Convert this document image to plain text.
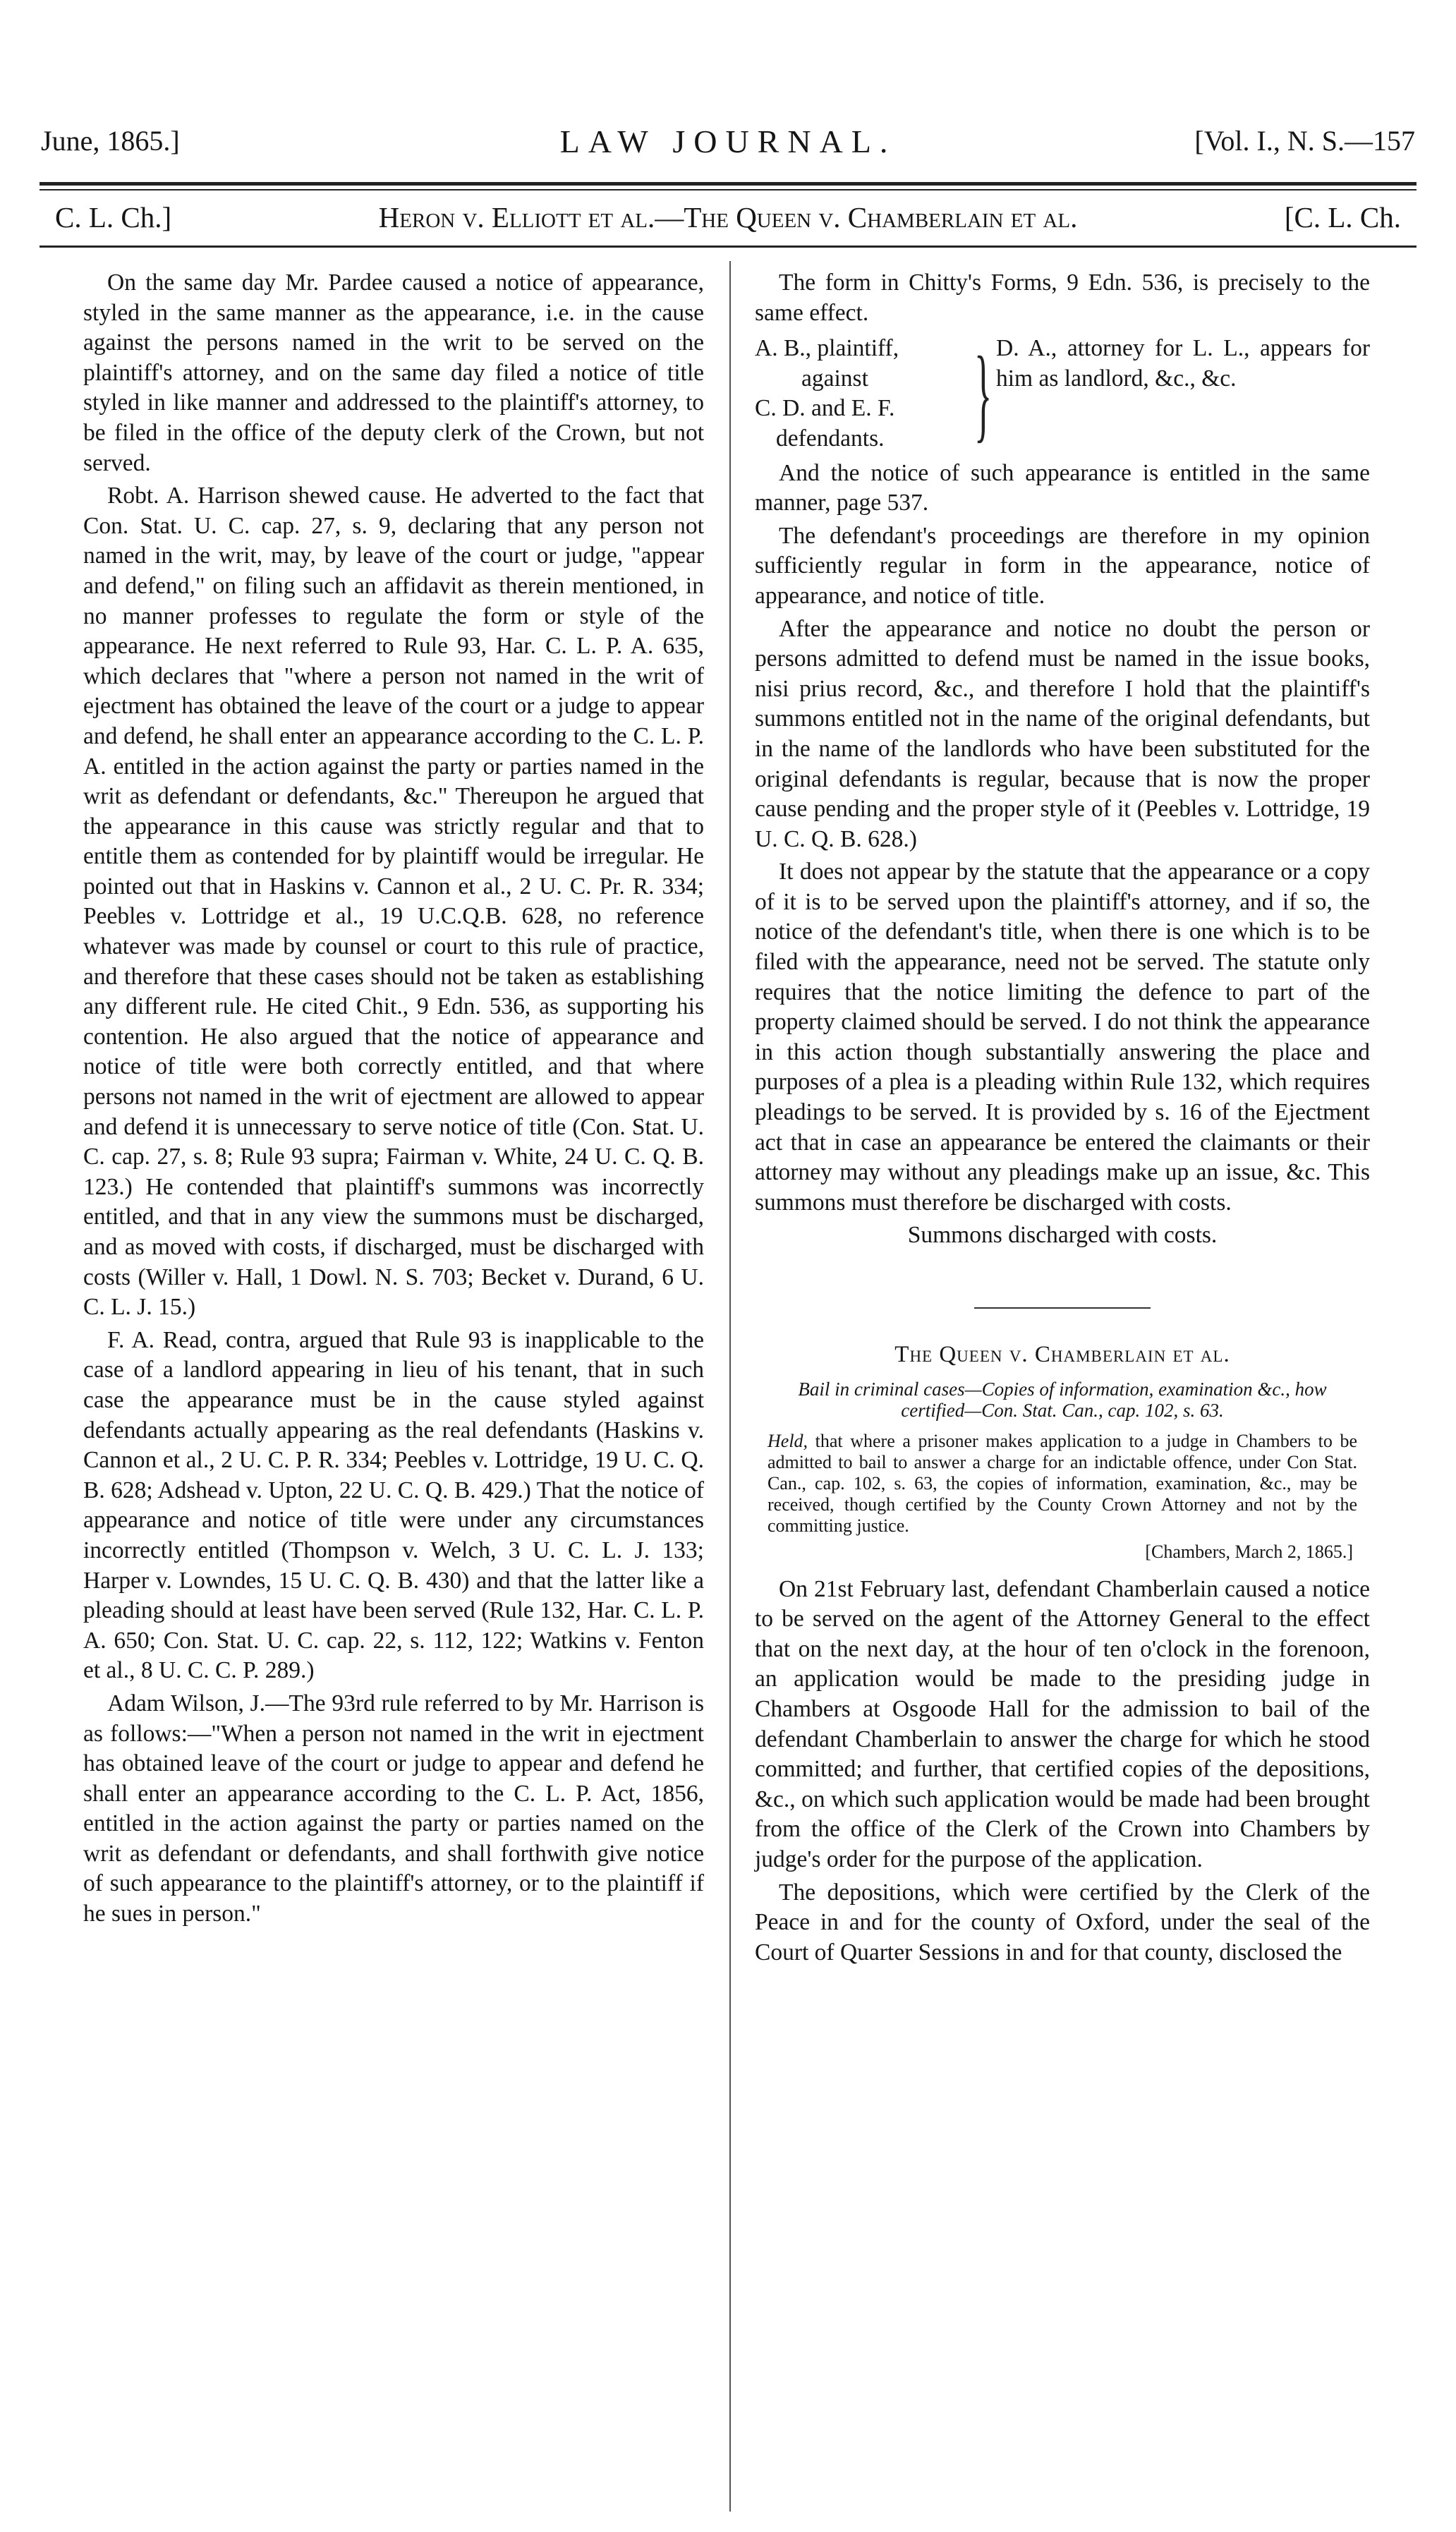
June, 1865.]	LAW JOURNAL.	[Vol. I., N. S.—157
C. L. Ch.]	Heron v. Elliott et al.—The Queen v. Chamberlain et al.	[C. L. Ch.

On the same day Mr. Pardee caused a notice of appearance, styled in the same manner as the appearance, i.e. in the cause against the persons named in the writ to be served on the plaintiff's attorney, and on the same day filed a notice of title styled in like manner and addressed to the plaintiff's attorney, to be filed in the office of the deputy clerk of the Crown, but not served.

Robt. A. Harrison shewed cause. He adverted to the fact that Con. Stat. U. C. cap. 27, s. 9, declaring that any person not named in the writ, may, by leave of the court or judge, "appear and defend," on filing such an affidavit as therein mentioned, in no manner professes to regulate the form or style of the appearance. He next referred to Rule 93, Har. C. L. P. A. 635, which declares that "where a person not named in the writ of ejectment has obtained the leave of the court or a judge to appear and defend, he shall enter an appearance according to the C. L. P. A. entitled in the action against the party or parties named in the writ as defendant or defendants, &c." Thereupon he argued that the appearance in this cause was strictly regular and that to entitle them as contended for by plaintiff would be irregular. He pointed out that in Haskins v. Cannon et al., 2 U. C. Pr. R. 334; Peebles v. Lottridge et al., 19 U.C.Q.B. 628, no reference whatever was made by counsel or court to this rule of practice, and therefore that these cases should not be taken as establishing any different rule. He cited Chit., 9 Edn. 536, as supporting his contention. He also argued that the notice of appearance and notice of title were both correctly entitled, and that where persons not named in the writ of ejectment are allowed to appear and defend it is unnecessary to serve notice of title (Con. Stat. U. C. cap. 27, s. 8; Rule 93 supra; Fairman v. White, 24 U. C. Q. B. 123.) He contended that plaintiff's summons was incorrectly entitled, and that in any view the summons must be discharged, and as moved with costs, if discharged, must be discharged with costs (Willer v. Hall, 1 Dowl. N. S. 703; Becket v. Durand, 6 U. C. L. J. 15.)

F. A. Read, contra, argued that Rule 93 is inapplicable to the case of a landlord appearing in lieu of his tenant, that in such case the appearance must be in the cause styled against defendants actually appearing as the real defendants (Haskins v. Cannon et al., 2 U. C. P. R. 334; Peebles v. Lottridge, 19 U. C. Q. B. 628; Adshead v. Upton, 22 U. C. Q. B. 429.) That the notice of appearance and notice of title were under any circumstances incorrectly entitled (Thompson v. Welch, 3 U. C. L. J. 133; Harper v. Lowndes, 15 U. C. Q. B. 430) and that the latter like a pleading should at least have been served (Rule 132, Har. C. L. P. A. 650; Con. Stat. U. C. cap. 22, s. 112, 122; Watkins v. Fenton et al., 8 U. C. C. P. 289.)

Adam Wilson, J.—The 93rd rule referred to by Mr. Harrison is as follows:—"When a person not named in the writ in ejectment has obtained leave of the court or judge to appear and defend he shall enter an appearance according to the C. L. P. Act, 1856, entitled in the action against the party or parties named on the writ as defendant or defendants, and shall forthwith give notice of such appearance to the plaintiff's attorney, or to the plaintiff if he sues in person."

The form in Chitty's Forms, 9 Edn. 536, is precisely to the same effect.

A. B., plaintiff,
against
C. D. and E. F.
defendants. } D. A., attorney for L. L., appears for him as landlord, &c., &c.

And the notice of such appearance is entitled in the same manner, page 537.

The defendant's proceedings are therefore in my opinion sufficiently regular in form in the appearance, notice of appearance, and notice of title.

After the appearance and notice no doubt the person or persons admitted to defend must be named in the issue books, nisi prius record, &c., and therefore I hold that the plaintiff's summons entitled not in the name of the original defendants, but in the name of the landlords who have been substituted for the original defendants is regular, because that is now the proper cause pending and the proper style of it (Peebles v. Lottridge, 19 U. C. Q. B. 628.)

It does not appear by the statute that the appearance or a copy of it is to be served upon the plaintiff's attorney, and if so, the notice of the defendant's title, when there is one which is to be filed with the appearance, need not be served. The statute only requires that the notice limiting the defence to part of the property claimed should be served. I do not think the appearance in this action though substantially answering the place and purposes of a plea is a pleading within Rule 132, which requires pleadings to be served. It is provided by s. 16 of the Ejectment act that in case an appearance be entered the claimants or their attorney may without any pleadings make up an issue, &c. This summons must therefore be discharged with costs.

Summons discharged with costs.

The Queen v. Chamberlain et al.
Bail in criminal cases—Copies of information, examination &c., how certified—Con. Stat. Can., cap. 102, s. 63.
Held, that where a prisoner makes application to a judge in Chambers to be admitted to bail to answer a charge for an indictable offence, under Con Stat. Can., cap. 102, s. 63, the copies of information, examination, &c., may be received, though certified by the County Crown Attorney and not by the committing justice.
[Chambers, March 2, 1865.]

On 21st February last, defendant Chamberlain caused a notice to be served on the agent of the Attorney General to the effect that on the next day, at the hour of ten o'clock in the forenoon, an application would be made to the presiding judge in Chambers at Osgoode Hall for the admission to bail of the defendant Chamberlain to answer the charge for which he stood committed; and further, that certified copies of the depositions, &c., on which such application would be made had been brought from the office of the Clerk of the Crown into Chambers by judge's order for the purpose of the application.

The depositions, which were certified by the Clerk of the Peace in and for the county of Oxford, under the seal of the Court of Quarter Sessions in and for that county, disclosed the
